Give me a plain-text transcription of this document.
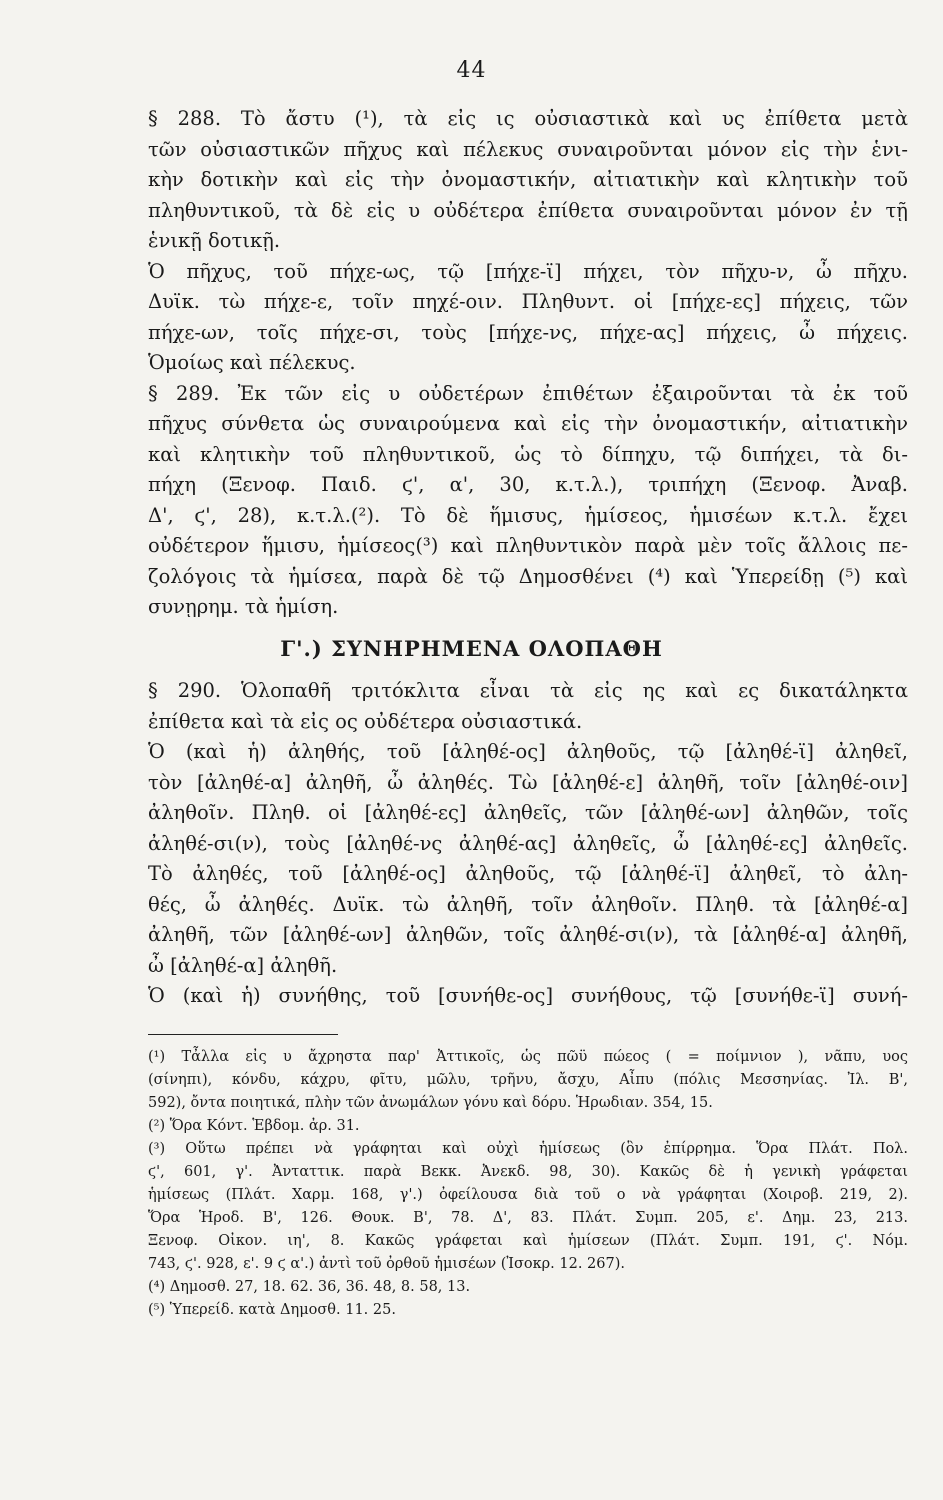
44
§ 288. Τὸ ἄστυ (¹), τὰ εἰς ις οὐσιαστικὰ καὶ υς ἐπίθετα μετὰ
τῶν οὐσιαστικῶν πῆχυς καὶ πέλεκυς συναιροῦνται μόνον εἰς τὴν ἑνι-
κὴν δοτικὴν καὶ εἰς τὴν ὀνομαστικήν, αἰτιατικὴν καὶ κλητικὴν τοῦ
πληθυντικοῦ, τὰ δὲ εἰς υ οὐδέτερα ἐπίθετα συναιροῦνται μόνον ἐν τῇ
ἑνικῇ δοτικῇ.
Ὁ πῆχυς, τοῦ πήχε-ως, τῷ [πήχε-ϊ] πήχει, τὸν πῆχυ-ν, ὦ πῆχυ.
Δυϊκ. τὼ πήχε-ε, τοῖν πηχέ-οιν. Πληθυντ. οἱ [πήχε-ες] πήχεις, τῶν
πήχε-ων, τοῖς πήχε-σι, τοὺς [πήχε-νς, πήχε-ας] πήχεις, ὦ πήχεις.
Ὁμοίως καὶ πέλεκυς.
§ 289. Ἐκ τῶν εἰς υ οὐδετέρων ἐπιθέτων ἐξαιροῦνται τὰ ἐκ τοῦ
πῆχυς σύνθετα ὡς συναιρούμενα καὶ εἰς τὴν ὀνομαστικήν, αἰτιατικὴν
καὶ κλητικὴν τοῦ πληθυντικοῦ, ὡς τὸ δίπηχυ, τῷ διπήχει, τὰ δι-
πήχη (Ξενοφ. Παιδ. ϛ', α', 30, κ.τ.λ.), τριπήχη (Ξενοφ. Ἀναβ.
Δ', ϛ', 28), κ.τ.λ.(²). Τὸ δὲ ἥμισυς, ἡμίσεος, ἡμισέων κ.τ.λ. ἔχει
οὐδέτερον ἥμισυ, ἡμίσεος(³) καὶ πληθυντικὸν παρὰ μὲν τοῖς ἄλλοις πε-
ζολόγοις τὰ ἡμίσεα, παρὰ δὲ τῷ Δημοσθένει (⁴) καὶ Ὑπερείδῃ (⁵) καὶ
συνῃρημ. τὰ ἡμίση.
Γ'.) ΣΥΝΗΡΗΜΕΝΑ ΟΛΟΠΑΘΗ
§ 290. Ὁλοπαθῆ τριτόκλιτα εἶναι τὰ εἰς ης καὶ ες δικατάληκτα
ἐπίθετα καὶ τὰ εἰς ος οὐδέτερα οὐσιαστικά.
Ὁ (καὶ ἡ) ἀληθής, τοῦ [ἀληθέ-ος] ἀληθοῦς, τῷ [ἀληθέ-ϊ] ἀληθεῖ,
τὸν [ἀληθέ-α] ἀληθῆ, ὦ ἀληθές. Τὼ [ἀληθέ-ε] ἀληθῆ, τοῖν [ἀληθέ-οιν]
ἀληθοῖν. Πληθ. οἱ [ἀληθέ-ες] ἀληθεῖς, τῶν [ἀληθέ-ων] ἀληθῶν, τοῖς
ἀληθέ-σι(ν), τοὺς [ἀληθέ-νς ἀληθέ-ας] ἀληθεῖς, ὦ [ἀληθέ-ες] ἀληθεῖς.
Τὸ ἀληθές, τοῦ [ἀληθέ-ος] ἀληθοῦς, τῷ [ἀληθέ-ϊ] ἀληθεῖ, τὸ ἀλη-
θές, ὦ ἀληθές. Δυϊκ. τὼ ἀληθῆ, τοῖν ἀληθοῖν. Πληθ. τὰ [ἀληθέ-α]
ἀληθῆ, τῶν [ἀληθέ-ων] ἀληθῶν, τοῖς ἀληθέ-σι(ν), τὰ [ἀληθέ-α] ἀληθῆ,
ὦ [ἀληθέ-α] ἀληθῆ.
Ὁ (καὶ ἡ) συνήθης, τοῦ [συνήθε-ος] συνήθους, τῷ [συνήθε-ϊ] συνή-
(¹) Τἆλλα εἰς υ ἄχρηστα παρ' Ἀττικοῖς, ὡς πῶϋ πώεος ( = ποίμνιον ), νᾶπυ, υος
(σίνηπι), κόνδυ, κάχρυ, φῖτυ, μῶλυ, τρῆνυ, ἄσχυ, Αἶπυ (πόλις Μεσσηνίας. Ἰλ. Β',
592), ὄντα ποιητικά, πλὴν τῶν ἀνωμάλων γόνυ καὶ δόρυ. Ἡρωδιαν. 354, 15.
(²) Ὅρα Κόντ. Ἑβδομ. ἀρ. 31.
(³) Οὕτω πρέπει νὰ γράφηται καὶ οὐχὶ ἡμίσεως (ὃν ἐπίρρημα. Ὅρα Πλάτ. Πολ.
ϛ', 601, γ'. Ἀνταττικ. παρὰ Βεκκ. Ἀνεκδ. 98, 30). Κακῶς δὲ ἡ γενικὴ γράφεται
ἡμίσεως (Πλάτ. Χαρμ. 168, γ'.) ὀφείλουσα διὰ τοῦ ο νὰ γράφηται (Χοιροβ. 219, 2).
Ὅρα Ἡροδ. Β', 126. Θουκ. Β', 78. Δ', 83. Πλάτ. Συμπ. 205, ε'. Δημ. 23, 213.
Ξενοφ. Οἰκον. ιη', 8. Κακῶς γράφεται καὶ ἡμίσεων (Πλάτ. Συμπ. 191, ϛ'. Νόμ.
743, ϛ'. 928, ε'. 9 ϛ α'.) ἀντὶ τοῦ ὀρθοῦ ἡμισέων (Ἰσοκρ. 12. 267).
(⁴) Δημοσθ. 27, 18. 62. 36, 36. 48, 8. 58, 13.
(⁵) Ὑπερείδ. κατὰ Δημοσθ. 11. 25.
